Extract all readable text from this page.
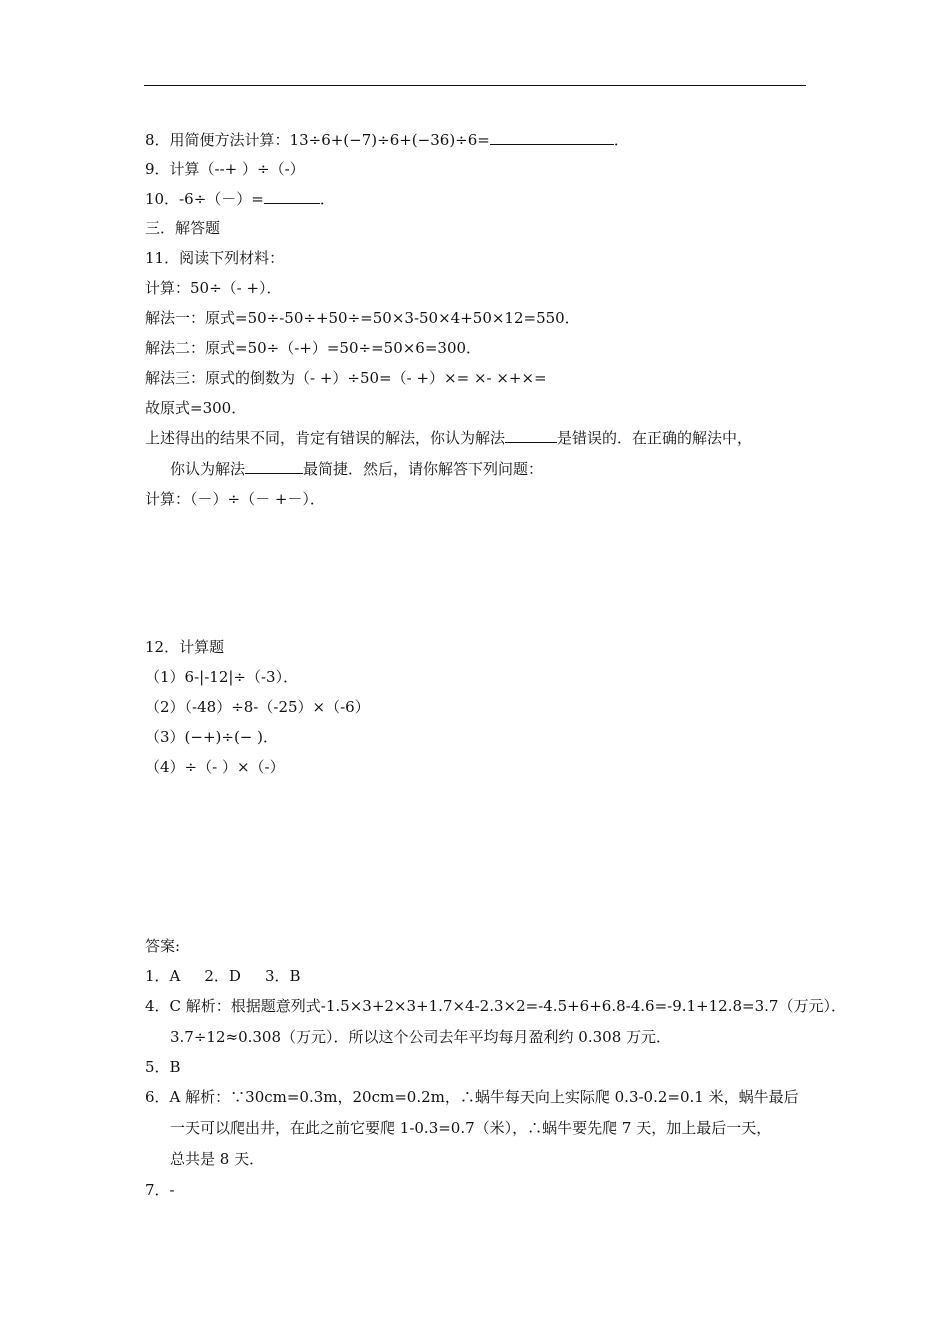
8．用简便方法计算：13÷6+(−7)÷6+(−36)÷6=	．
9．计算（--+ ）÷（-）
10．-6÷（－）=	．
三．解答题
11．阅读下列材料：
计算：50÷（- +）．
解法一：原式=50÷-50÷+50÷=50×3-50×4+50×12=550．
解法二：原式=50÷（-+）=50÷=50×6=300．
解法三：原式的倒数为（- +）÷50=（- +）×= ×- ×+×=
故原式=300．
上述得出的结果不同，肯定有错误的解法，你认为解法	是错误的．在正确的解法中，
你认为解法	最简捷．然后，请你解答下列问题：
计算：（－）÷（－ +－）．
12．计算题
（1）6-|-12|÷（-3）．
（2）（-48）÷8-（-25）×（-6）
（3）(−+)÷(− )．
（4）÷（- ）×（-）
答案:
1．A 2．D 3．B
4．C 解析：根据题意列式-1.5×3+2×3+1.7×4-2.3×2=-4.5+6+6.8-4.6=-9.1+12.8=3.7（万元）．
3.7÷12≈0.308（万元）．所以这个公司去年平均每月盈利约 0.308 万元．
5．B
6．A 解析：∵30cm=0.3m，20cm=0.2m，∴蜗牛每天向上实际爬 0.3-0.2=0.1 米，蜗牛最后
一天可以爬出井，在此之前它要爬 1-0.3=0.7（米），∴蜗牛要先爬 7 天，加上最后一天，
总共是 8 天．
7．-
